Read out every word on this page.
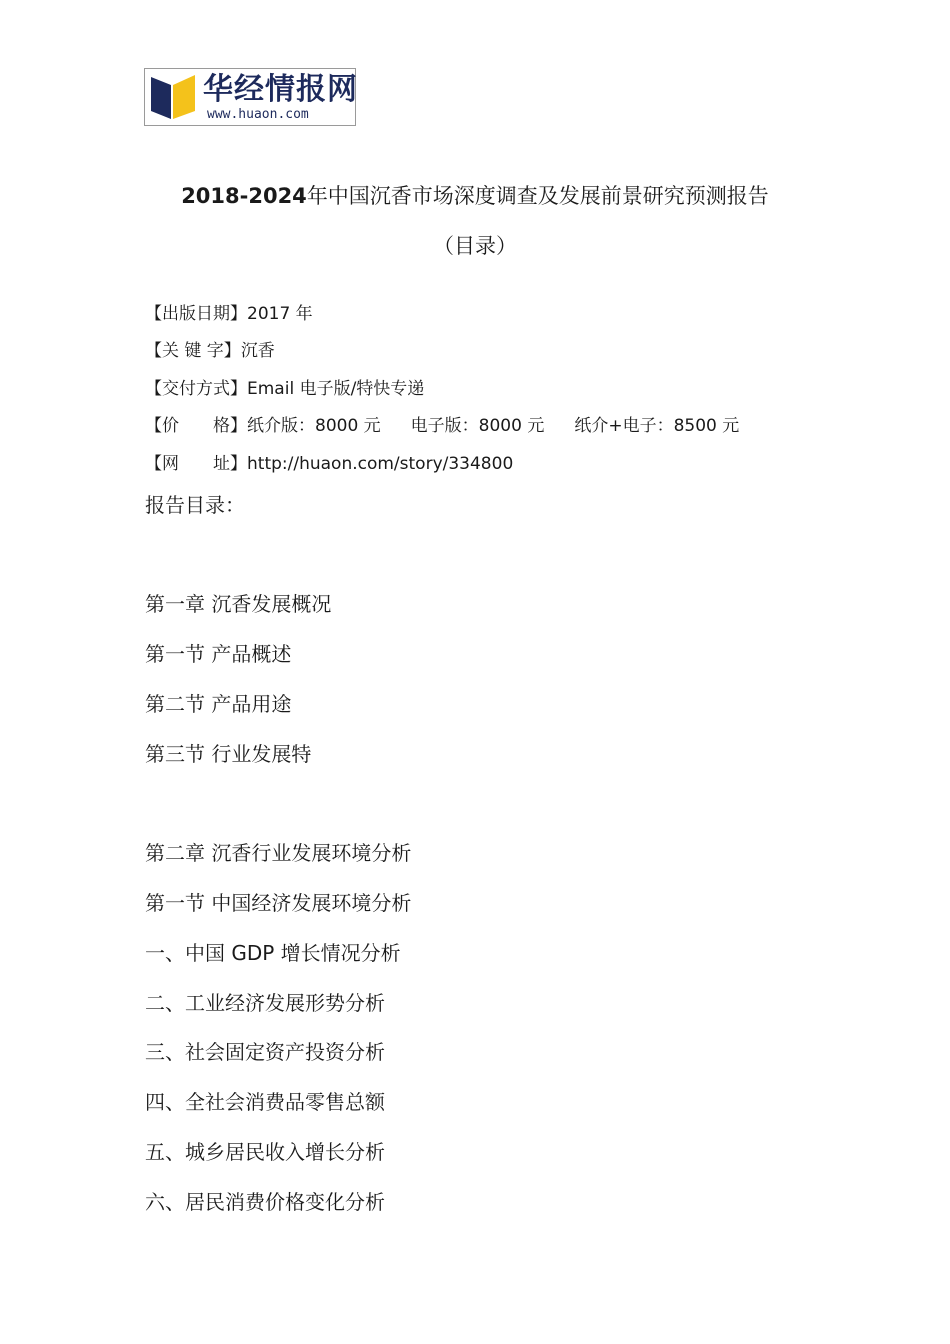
华经情报网
www.huaon.com
2018-2024年中国沉香市场深度调查及发展前景研究预测报告
（目录）
【出版日期】2017 年
【关 键 字】沉香
【交付方式】Email 电子版/特快专递
【价　　格】纸介版：8000 元 电子版：8000 元 纸介+电子：8500 元
【网　　址】http://huaon.com/story/334800
报告目录：
第一章 沉香发展概况
第一节 产品概述
第二节 产品用途
第三节 行业发展特
第二章 沉香行业发展环境分析
第一节 中国经济发展环境分析
一、中国 GDP 增长情况分析
二、工业经济发展形势分析
三、社会固定资产投资分析
四、全社会消费品零售总额
五、城乡居民收入增长分析
六、居民消费价格变化分析
